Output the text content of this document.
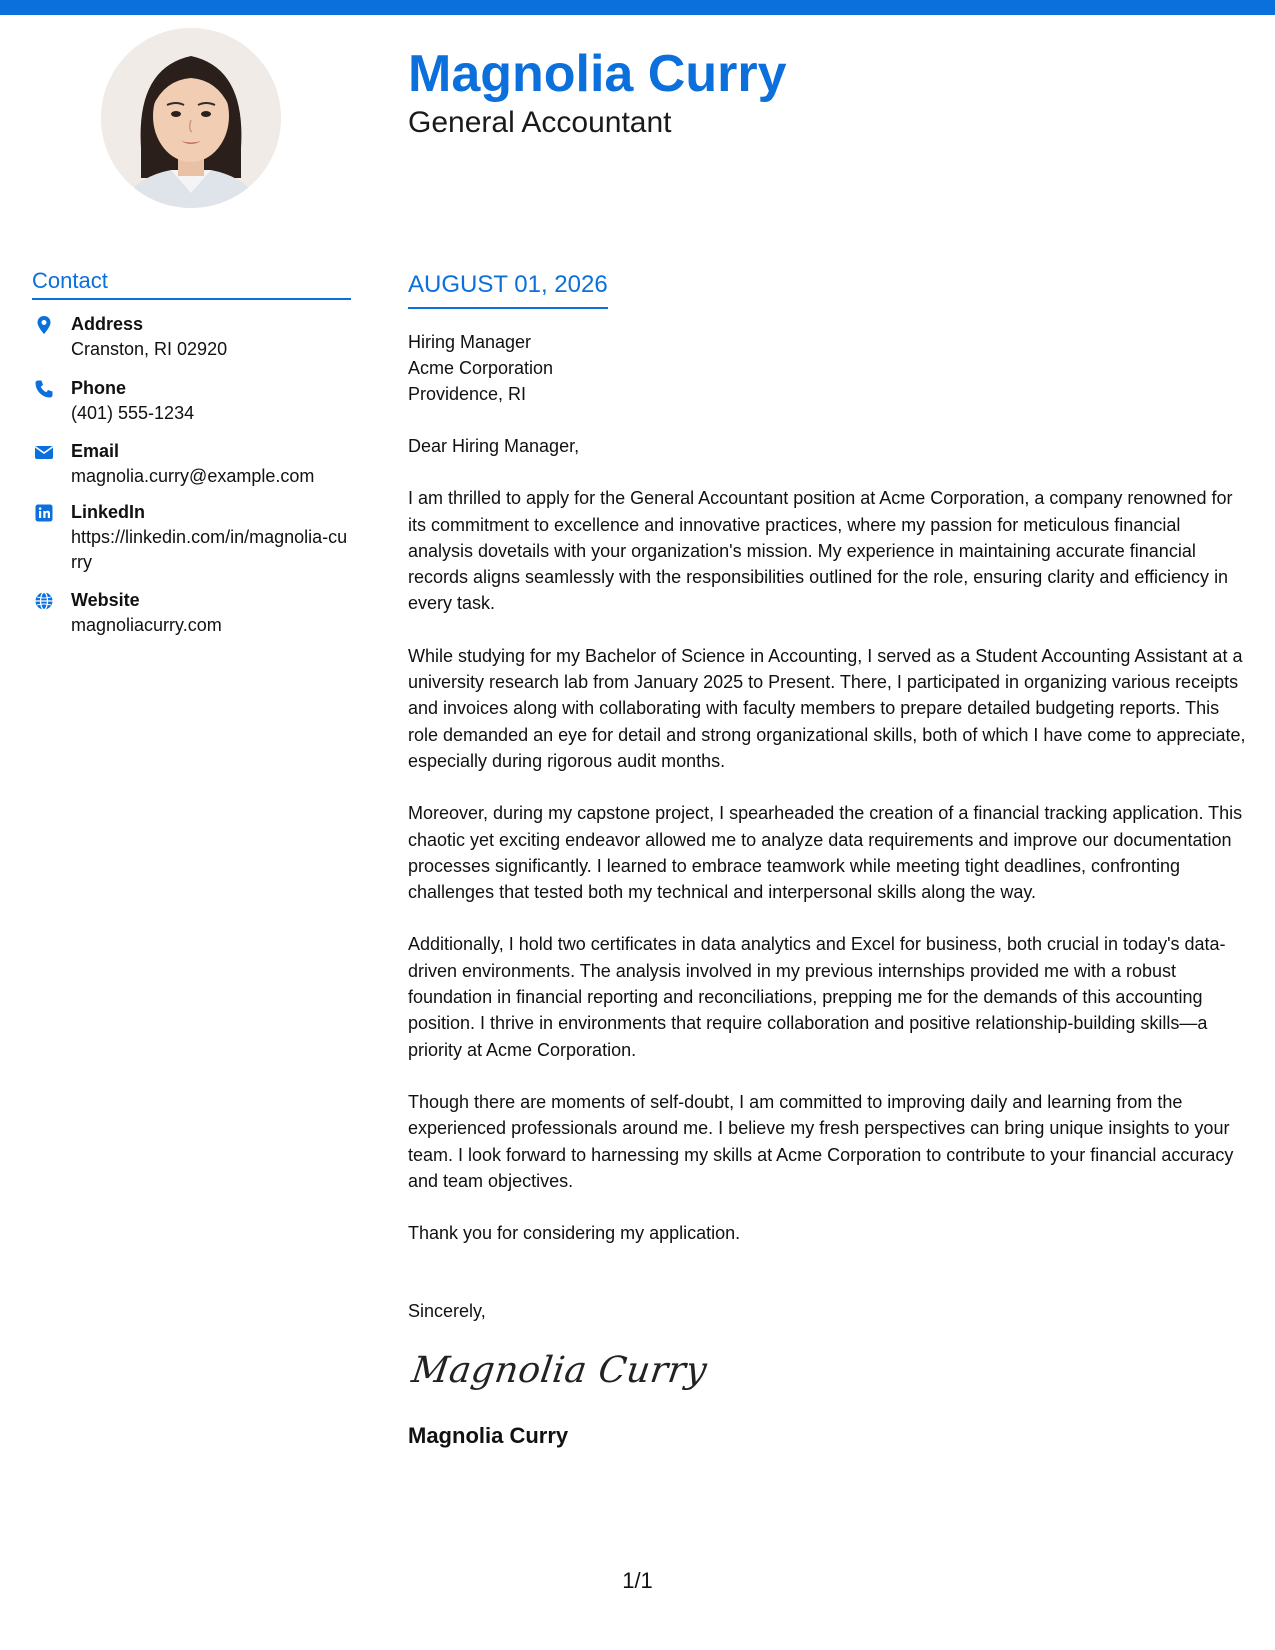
Magnolia Curry
General Accountant
Contact
Address
Cranston, RI 02920
Phone
(401) 555-1234
Email
magnolia.curry@example.com
LinkedIn
https://linkedin.com/in/magnolia-curry
Website
magnoliacurry.com
AUGUST 01, 2026
Hiring Manager
Acme Corporation
Providence, RI
Dear Hiring Manager,

I am thrilled to apply for the General Accountant position at Acme Corporation, a company renowned for its commitment to excellence and innovative practices, where my passion for meticulous financial analysis dovetails with your organization's mission. My experience in maintaining accurate financial records aligns seamlessly with the responsibilities outlined for the role, ensuring clarity and efficiency in every task.

While studying for my Bachelor of Science in Accounting, I served as a Student Accounting Assistant at a university research lab from January 2025 to Present. There, I participated in organizing various receipts and invoices along with collaborating with faculty members to prepare detailed budgeting reports. This role demanded an eye for detail and strong organizational skills, both of which I have come to appreciate, especially during rigorous audit months.

Moreover, during my capstone project, I spearheaded the creation of a financial tracking application. This chaotic yet exciting endeavor allowed me to analyze data requirements and improve our documentation processes significantly. I learned to embrace teamwork while meeting tight deadlines, confronting challenges that tested both my technical and interpersonal skills along the way.

Additionally, I hold two certificates in data analytics and Excel for business, both crucial in today's data-driven environments. The analysis involved in my previous internships provided me with a robust foundation in financial reporting and reconciliations, prepping me for the demands of this accounting position. I thrive in environments that require collaboration and positive relationship-building skills—a priority at Acme Corporation.

Though there are moments of self-doubt, I am committed to improving daily and learning from the experienced professionals around me. I believe my fresh perspectives can bring unique insights to your team. I look forward to harnessing my skills at Acme Corporation to contribute to your financial accuracy and team objectives.

Thank you for considering my application.
Sincerely,
Magnolia Curry
Magnolia Curry
1/1
